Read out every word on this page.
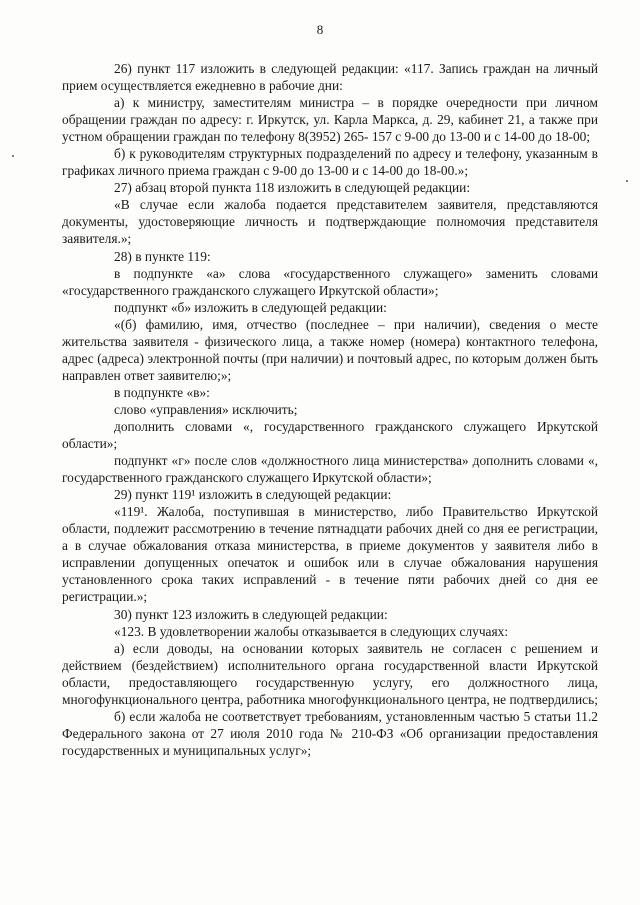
8

26) пункт 117 изложить в следующей редакции: «117. Запись граждан на личный прием осуществляется ежедневно в рабочие дни:

а) к министру, заместителям министра – в порядке очередности при личном обращении граждан по адресу: г. Иркутск, ул. Карла Маркса, д. 29, кабинет 21, а также при устном обращении граждан по телефону 8(3952) 265- 157 с 9-00 до 13-00 и с 14-00 до 18-00;

б) к руководителям структурных подразделений по адресу и телефону, указанным в графиках личного приема граждан с 9-00 до 13-00 и с 14-00 до 18-00.»;

27) абзац второй пункта 118 изложить в следующей редакции:

«В случае если жалоба подается представителем заявителя, представляются документы, удостоверяющие личность и подтверждающие полномочия представителя заявителя.»;

28) в пункте 119:

в подпункте «а» слова «государственного служащего» заменить словами «государственного гражданского служащего Иркутской области»;

подпункт «б» изложить в следующей редакции:

«(б) фамилию, имя, отчество (последнее – при наличии), сведения о месте жительства заявителя - физического лица, а также номер (номера) контактного телефона, адрес (адреса) электронной почты (при наличии) и почтовый адрес, по которым должен быть направлен ответ заявителю;»;

в подпункте «в»:

слово «управления» исключить;

дополнить словами «, государственного гражданского служащего Иркутской области»;

подпункт «г» после слов «должностного лица министерства» дополнить словами «, государственного гражданского служащего Иркутской области»;

29) пункт 119¹ изложить в следующей редакции:

«119¹. Жалоба, поступившая в министерство, либо Правительство Иркутской области, подлежит рассмотрению в течение пятнадцати рабочих дней со дня ее регистрации, а в случае обжалования отказа министерства, в приеме документов у заявителя либо в исправлении допущенных опечаток и ошибок или в случае обжалования нарушения установленного срока таких исправлений - в течение пяти рабочих дней со дня ее регистрации.»;

30) пункт 123 изложить в следующей редакции:

«123. В удовлетворении жалобы отказывается в следующих случаях:

а) если доводы, на основании которых заявитель не согласен с решением и действием (бездействием) исполнительного органа государственной власти Иркутской области, предоставляющего государственную услугу, его должностного лица, многофункционального центра, работника многофункционального центра, не подтвердились;

б) если жалоба не соответствует требованиям, установленным частью 5 статьи 11.2 Федерального закона от 27 июля 2010 года № 210-ФЗ «Об организации предоставления государственных и муниципальных услуг»;
